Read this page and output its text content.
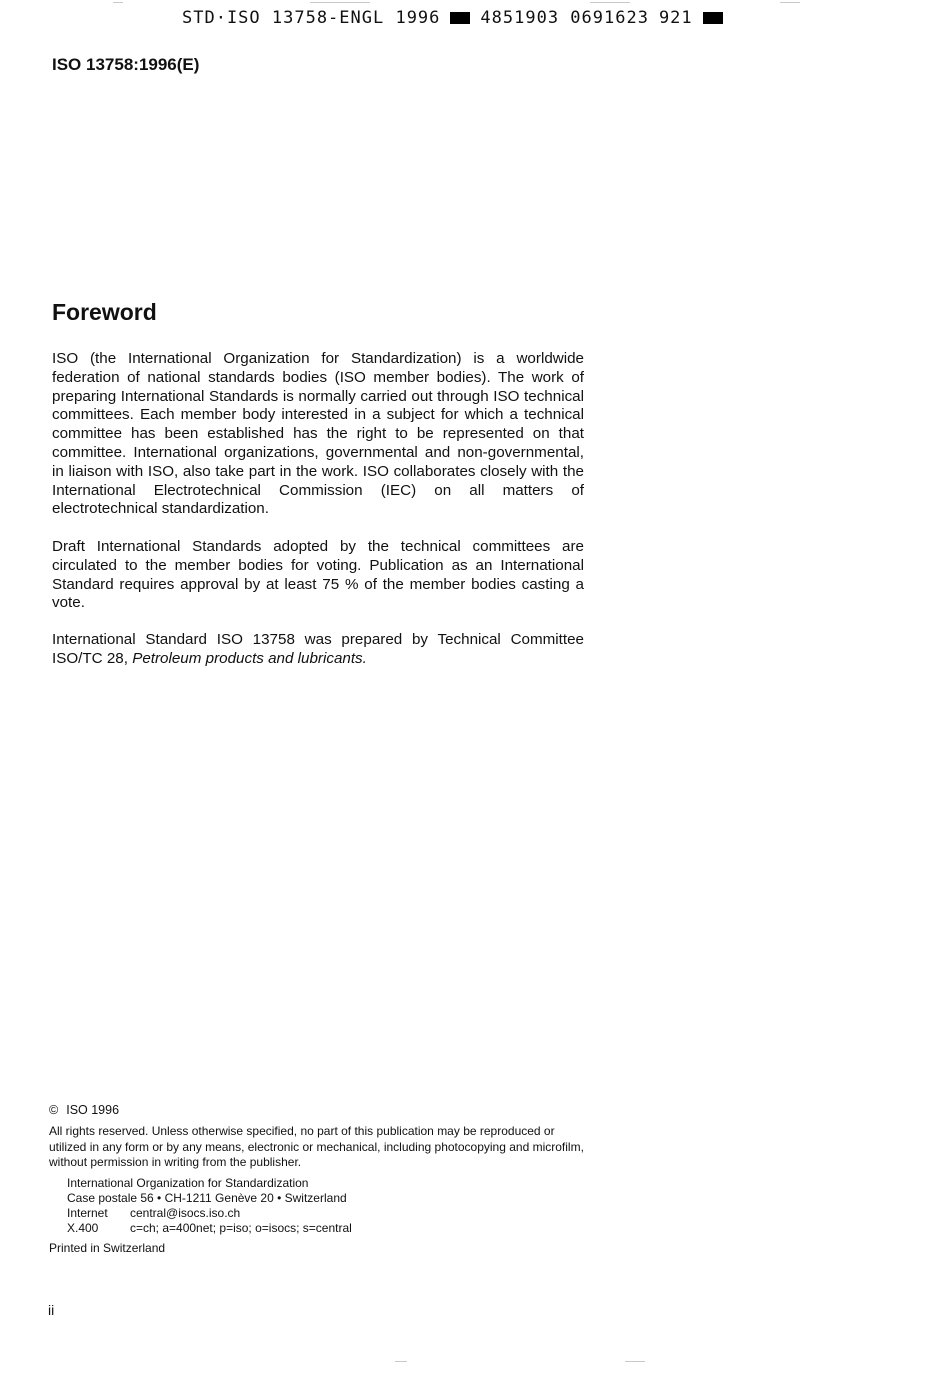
STD·ISO 13758-ENGL 1996 4851903 0691623 921
ISO 13758:1996(E)
Foreword

ISO (the International Organization for Standardization) is a worldwide federation of national standards bodies (ISO member bodies). The work of preparing International Standards is normally carried out through ISO technical committees. Each member body interested in a subject for which a technical committee has been established has the right to be represented on that committee. International organizations, governmental and non-governmental, in liaison with ISO, also take part in the work. ISO collaborates closely with the International Electrotechnical Commission (IEC) on all matters of electrotechnical standardization.

Draft International Standards adopted by the technical committees are circulated to the member bodies for voting. Publication as an International Standard requires approval by at least 75 % of the member bodies casting a vote.

International Standard ISO 13758 was prepared by Technical Committee ISO/TC 28, Petroleum products and lubricants.

© ISO 1996

All rights reserved. Unless otherwise specified, no part of this publication may be reproduced or utilized in any form or by any means, electronic or mechanical, including photocopying and microfilm, without permission in writing from the publisher.

International Organization for Standardization
Case postale 56 • CH-1211 Genève 20 • Switzerland
Internet central@isocs.iso.ch
X.400	c=ch; a=400net; p=iso; o=isocs; s=central
Printed in Switzerland
ii
